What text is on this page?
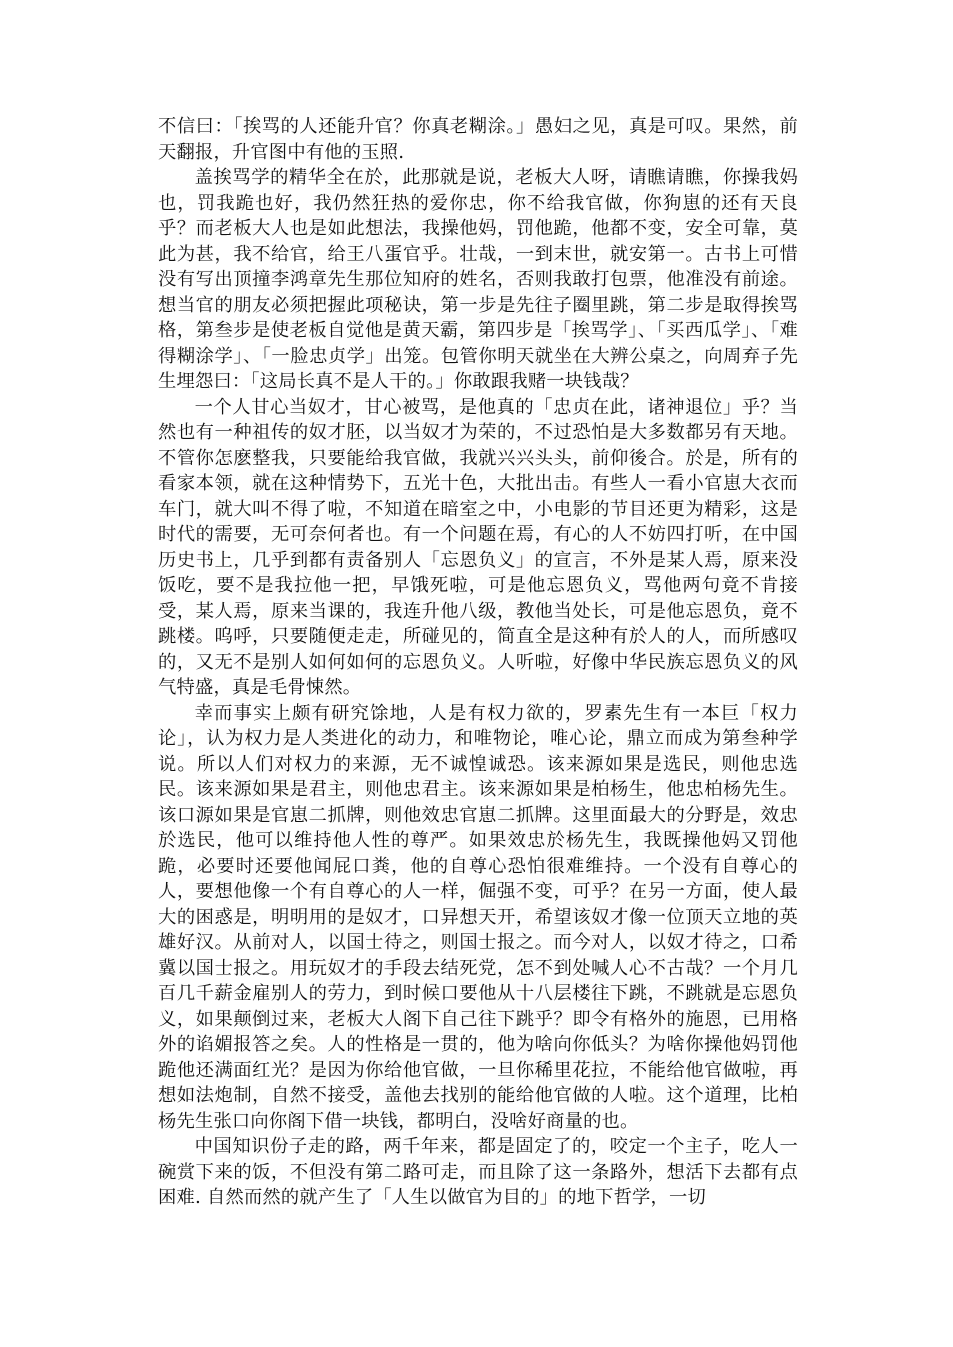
不信曰：「挨骂的人还能升官？你真老糊涂。」愚妇之见，真是可叹。果然，前天翻报，升官图中有他的玉照.

盖挨骂学的精华全在於，此那就是说，老板大人呀，请瞧请瞧，你操我妈也，罚我跪也好，我仍然狂热的爱你忠，你不给我官做，你狗崽的还有天良乎？而老板大人也是如此想法，我操他妈，罚他跪，他都不变，安全可靠，莫此为甚，我不给官，给王八蛋官乎。壮哉，一到末世，就安第一。古书上可惜没有写出顶撞李鸿章先生那位知府的姓名，否则我敢打包票，他准没有前途。想当官的朋友必须把握此项秘诀，第一步是先往子圈里跳，第二步是取得挨骂格，第叁步是使老板自觉他是黄天霸，第四步是「挨骂学」、「买西瓜学」、「难得糊涂学」、「一脸忠贞学」出笼。包管你明天就坐在大辨公桌之，向周弃子先生埋怨曰：「这局长真不是人干的。」你敢跟我赌一块钱哉？

一个人甘心当奴才，甘心被骂，是他真的「忠贞在此，诸神退位」乎？当然也有一种祖传的奴才胚，以当奴才为荣的，不过恐怕是大多数都另有天地。不管你怎麽整我，只要能给我官做，我就兴兴头头，前仰後合。於是，所有的看家本领，就在这种情势下，五光十色，大批出击。有些人一看小官崽大衣而车门，就大叫不得了啦，不知道在暗室之中，小电影的节目还更为精彩，这是时代的需要，无可奈何者也。有一个问题在焉，有心的人不妨四打听，在中国历史书上，几乎到都有责备别人「忘恩负义」的宣言，不外是某人焉，原来没饭吃，要不是我拉他一把，早饿死啦，可是他忘恩负义，骂他两句竟不肯接受，某人焉，原来当课的，我连升他八级，教他当处长，可是他忘恩负，竟不跳楼。呜呼，只要随便走走，所碰见的，简直全是这种有於人的人，而所感叹的，又无不是别人如何如何的忘恩负义。人听啦，好像中华民族忘恩负义的风气特盛，真是毛骨悚然。

幸而事实上颇有研究馀地，人是有权力欲的，罗素先生有一本巨「权力论」，认为权力是人类进化的动力，和唯物论，唯心论，鼎立而成为第叁种学说。所以人们对权力的来源，无不诚惶诚恐。该来源如果是选民，则他忠选民。该来源如果是君主，则他忠君主。该来源如果是柏杨生，他忠柏杨先生。该口源如果是官崽二抓牌，则他效忠官崽二抓牌。这里面最大的分野是，效忠於选民，他可以维持他人性的尊严。如果效忠於杨先生，我既操他妈又罚他跪，必要时还要他闻屁口粪，他的自尊心恐怕很难维持。一个没有自尊心的人，要想他像一个有自尊心的人一样，倔强不变，可乎？在另一方面，使人最大的困惑是，明明用的是奴才，口异想天开，希望该奴才像一位顶天立地的英雄好汉。从前对人，以国士待之，则国士报之。而今对人，以奴才待之，口希冀以国士报之。用玩奴才的手段去结死党，怎不到处喊人心不古哉？一个月几百几千薪金雇别人的劳力，到时候口要他从十八层楼往下跳，不跳就是忘恩负义，如果颠倒过来，老板大人阁下自己往下跳乎？即令有格外的施恩，已用格外的谄媚报答之矣。人的性格是一贯的，他为啥向你低头？为啥你操他妈罚他跪他还满面红光？是因为你给他官做，一旦你稀里花拉，不能给他官做啦，再想如法炮制，自然不接受，盖他去找别的能给他官做的人啦。这个道理，比柏杨先生张口向你阁下借一块钱，都明白，没啥好商量的也。

中国知识份子走的路，两千年来，都是固定了的，咬定一个主子，吃人一碗赏下来的饭，不但没有第二路可走，而且除了这一条路外，想活下去都有点困难. 自然而然的就产生了「人生以做官为目的」的地下哲学，一切
